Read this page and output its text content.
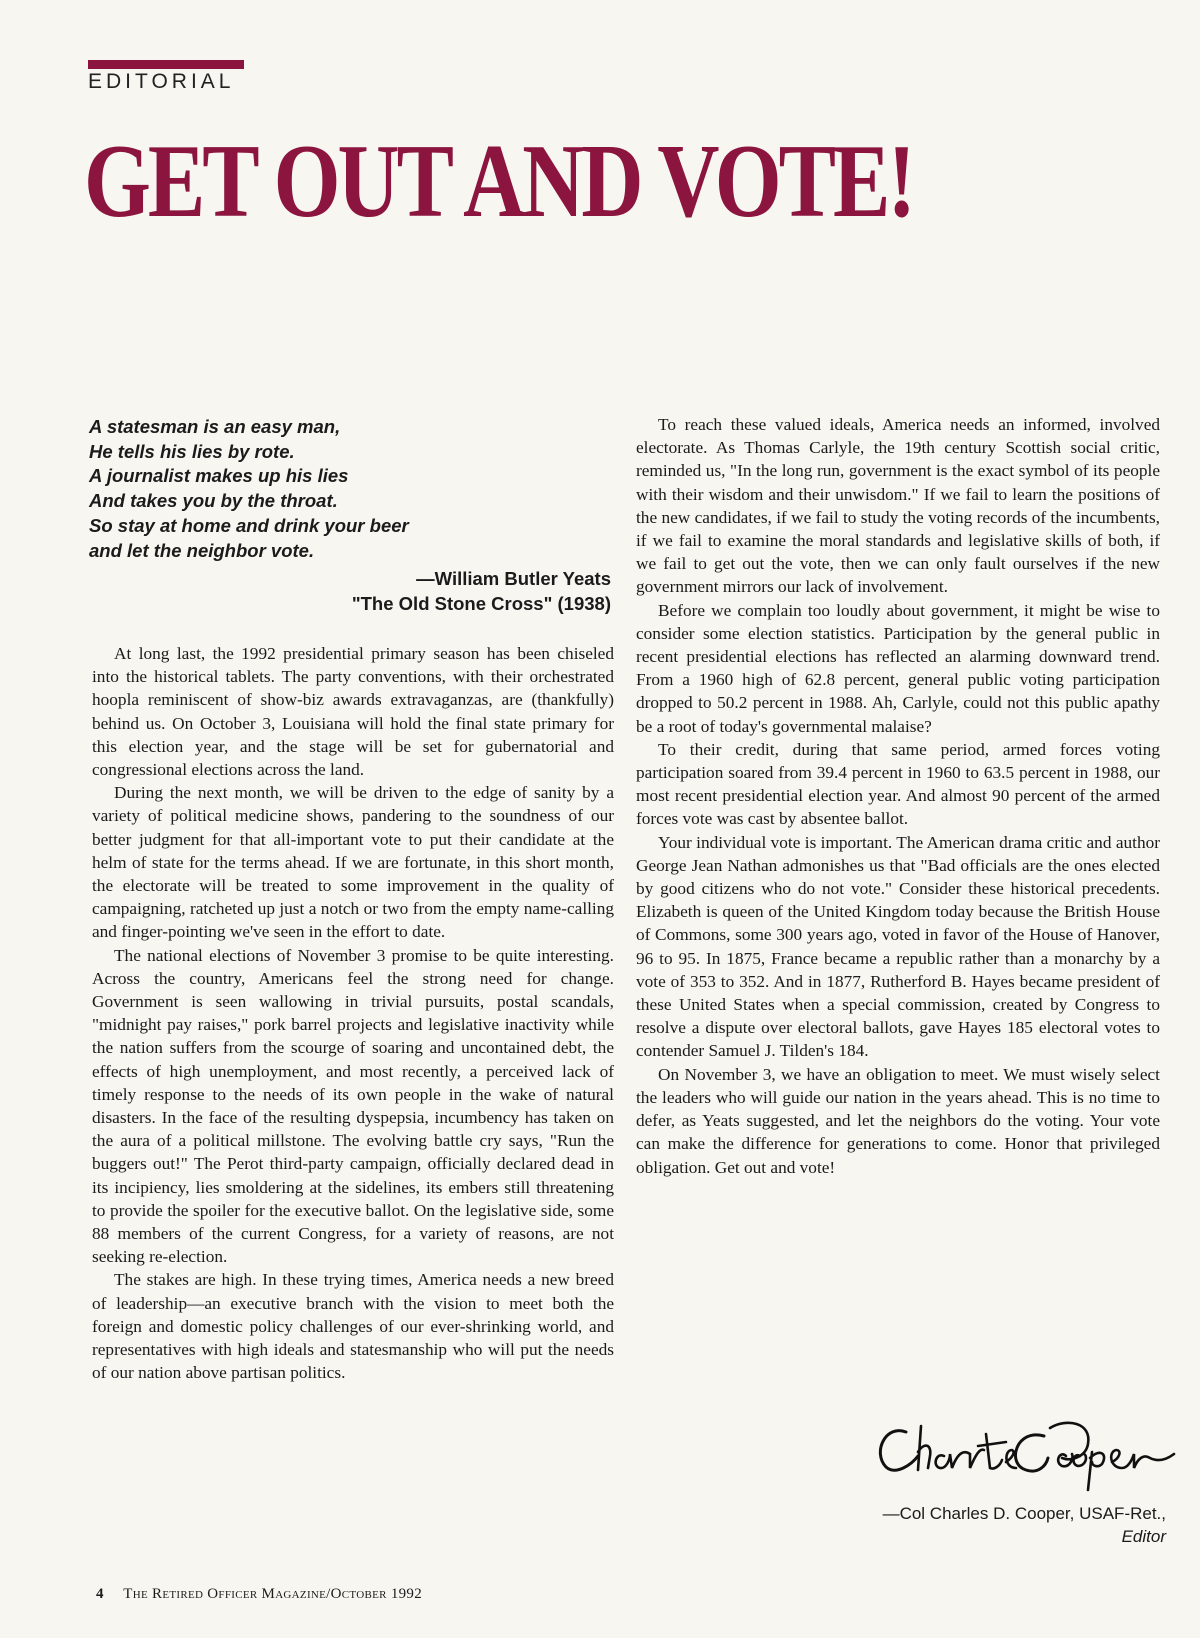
EDITORIAL
GET OUT AND VOTE!
A statesman is an easy man,
He tells his lies by rote.
A journalist makes up his lies
And takes you by the throat.
So stay at home and drink your beer
and let the neighbor vote.
—William Butler Yeats
"The Old Stone Cross" (1938)

At long last, the 1992 presidential primary season has been chiseled into the historical tablets. The party conventions, with their orchestrated hoopla reminiscent of show-biz awards extravaganzas, are (thankfully) behind us. On October 3, Louisiana will hold the final state primary for this election year, and the stage will be set for gubernatorial and congressional elections across the land.

During the next month, we will be driven to the edge of sanity by a variety of political medicine shows, pandering to the soundness of our better judgment for that all-important vote to put their candidate at the helm of state for the terms ahead. If we are fortunate, in this short month, the electorate will be treated to some improvement in the quality of campaigning, ratcheted up just a notch or two from the empty name-calling and finger-pointing we've seen in the effort to date.

The national elections of November 3 promise to be quite interesting. Across the country, Americans feel the strong need for change. Government is seen wallowing in trivial pursuits, postal scandals, "midnight pay raises," pork barrel projects and legislative inactivity while the nation suffers from the scourge of soaring and uncontained debt, the effects of high unemployment, and most recently, a perceived lack of timely response to the needs of its own people in the wake of natural disasters. In the face of the resulting dyspepsia, incumbency has taken on the aura of a political millstone. The evolving battle cry says, "Run the buggers out!" The Perot third-party campaign, officially declared dead in its incipiency, lies smoldering at the sidelines, its embers still threatening to provide the spoiler for the executive ballot. On the legislative side, some 88 members of the current Congress, for a variety of reasons, are not seeking re-election.

The stakes are high. In these trying times, America needs a new breed of leadership—an executive branch with the vision to meet both the foreign and domestic policy challenges of our ever-shrinking world, and representatives with high ideals and statesmanship who will put the needs of our nation above partisan politics.

To reach these valued ideals, America needs an informed, involved electorate. As Thomas Carlyle, the 19th century Scottish social critic, reminded us, "In the long run, government is the exact symbol of its people with their wisdom and their unwisdom." If we fail to learn the positions of the new candidates, if we fail to study the voting records of the incumbents, if we fail to examine the moral standards and legislative skills of both, if we fail to get out the vote, then we can only fault ourselves if the new government mirrors our lack of involvement.

Before we complain too loudly about government, it might be wise to consider some election statistics. Participation by the general public in recent presidential elections has reflected an alarming downward trend. From a 1960 high of 62.8 percent, general public voting participation dropped to 50.2 percent in 1988. Ah, Carlyle, could not this public apathy be a root of today's governmental malaise?

To their credit, during that same period, armed forces voting participation soared from 39.4 percent in 1960 to 63.5 percent in 1988, our most recent presidential election year. And almost 90 percent of the armed forces vote was cast by absentee ballot.

Your individual vote is important. The American drama critic and author George Jean Nathan admonishes us that "Bad officials are the ones elected by good citizens who do not vote." Consider these historical precedents. Elizabeth is queen of the United Kingdom today because the British House of Commons, some 300 years ago, voted in favor of the House of Hanover, 96 to 95. In 1875, France became a republic rather than a monarchy by a vote of 353 to 352. And in 1877, Rutherford B. Hayes became president of these United States when a special commission, created by Congress to resolve a dispute over electoral ballots, gave Hayes 185 electoral votes to contender Samuel J. Tilden's 184.

On November 3, we have an obligation to meet. We must wisely select the leaders who will guide our nation in the years ahead. This is no time to defer, as Yeats suggested, and let the neighbors do the voting. Your vote can make the difference for generations to come. Honor that privileged obligation. Get out and vote!

—Col Charles D. Cooper, USAF-Ret.,
Editor
4 The Retired Officer Magazine/October 1992
